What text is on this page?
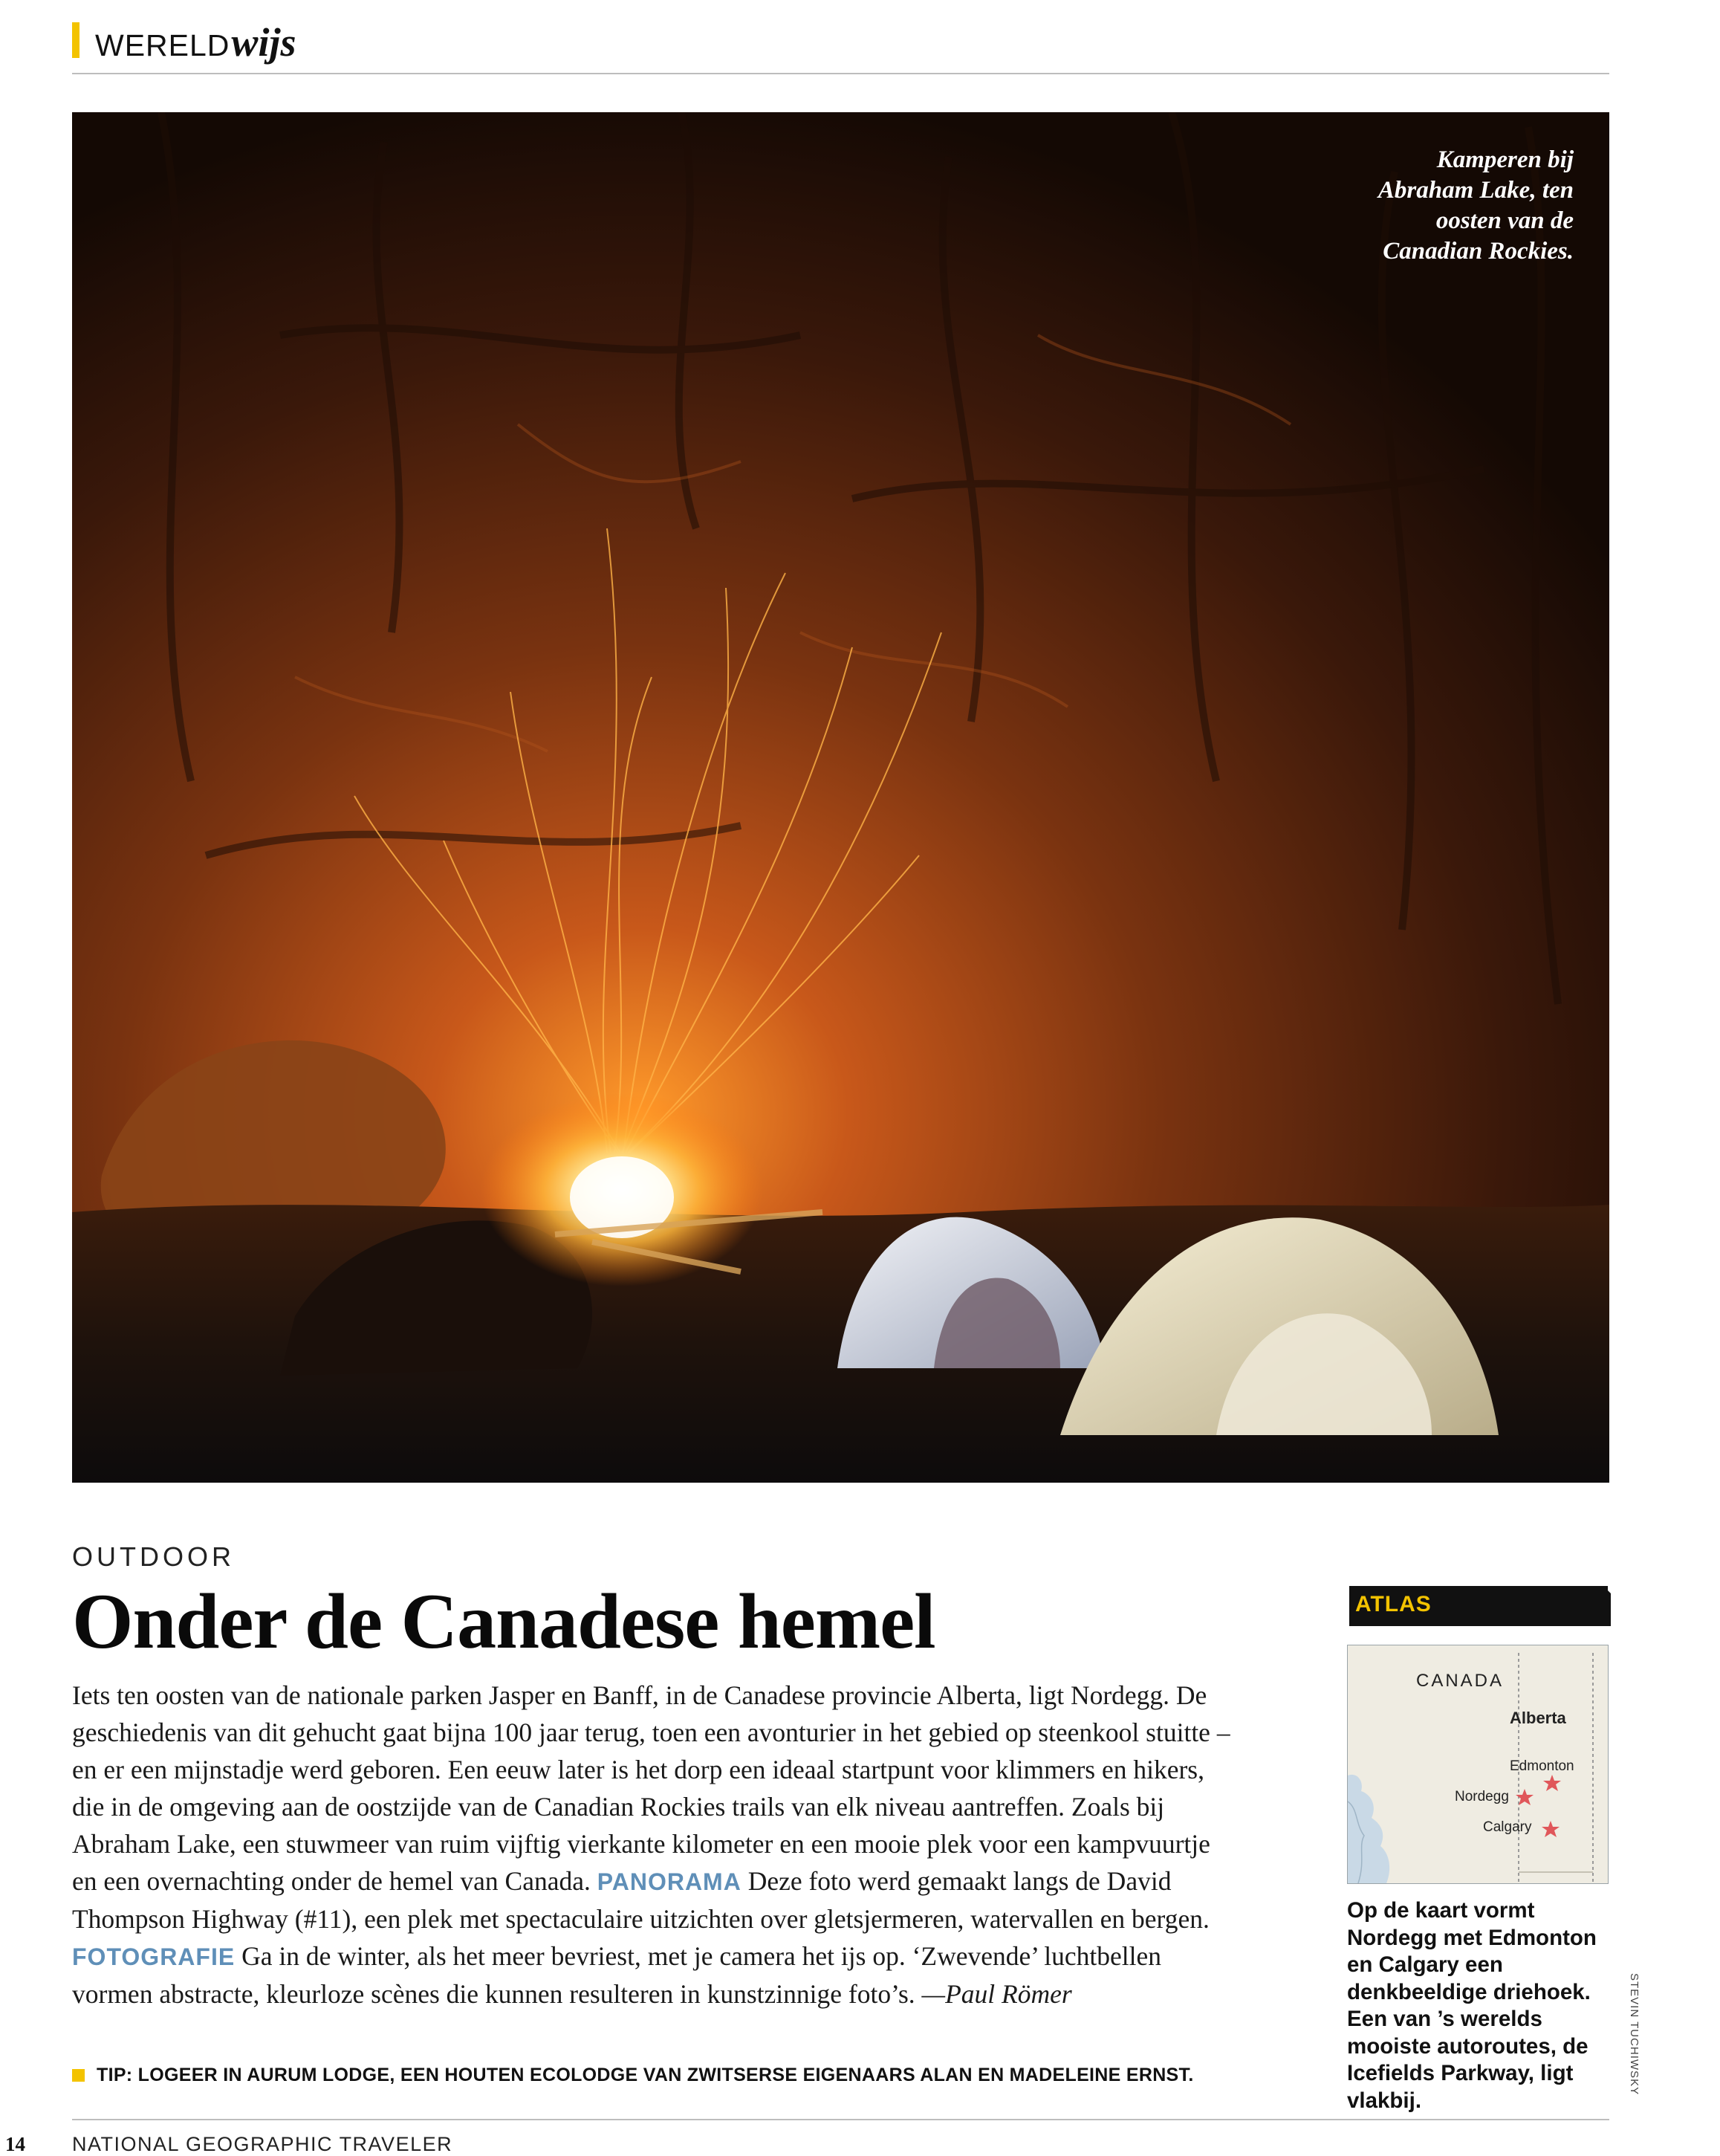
WERELD wijs
Kamperen bij Abraham Lake, ten oosten van de Canadian Rockies.
OUTDOOR
Onder de Canadese hemel
Iets ten oosten van de nationale parken Jasper en Banff, in de Canadese provincie Alberta, ligt Nordegg. De geschiedenis van dit gehucht gaat bijna 100 jaar terug, toen een avonturier in het gebied op steenkool stuitte – en er een mijnstadje werd geboren. Een eeuw later is het dorp een ideaal startpunt voor klimmers en hikers, die in de omgeving aan de oostzijde van de Canadian Rockies trails van elk niveau aantreffen. Zoals bij Abraham Lake, een stuwmeer van ruim vijftig vierkante kilometer en een mooie plek voor een kampvuurtje en een overnachting onder de hemel van Canada. PANORAMA Deze foto werd gemaakt langs de David Thompson Highway (#11), een plek met spectaculaire uitzichten over gletsjermeren, watervallen en bergen. FOTOGRAFIE Ga in de winter, als het meer bevriest, met je camera het ijs op. ‘Zwevende’ luchtbellen vormen abstracte, kleurloze scènes die kunnen resulteren in kunstzinnige foto’s. —Paul Römer
TIP: LOGEER IN AURUM LODGE, EEN HOUTEN ECOLODGE VAN ZWITSERSE EIGENAARS ALAN EN MADELEINE ERNST.
ATLAS
CANADA
Alberta
Edmonton
Nordegg
Calgary
Op de kaart vormt Nordegg met Edmonton en Calgary een denkbeeldige driehoek. Een van ’s werelds mooiste autoroutes, de Icefields Parkway, ligt vlakbij.
STEVIN TUCHIWSKY
14 NATIONAL GEOGRAPHIC TRAVELER
